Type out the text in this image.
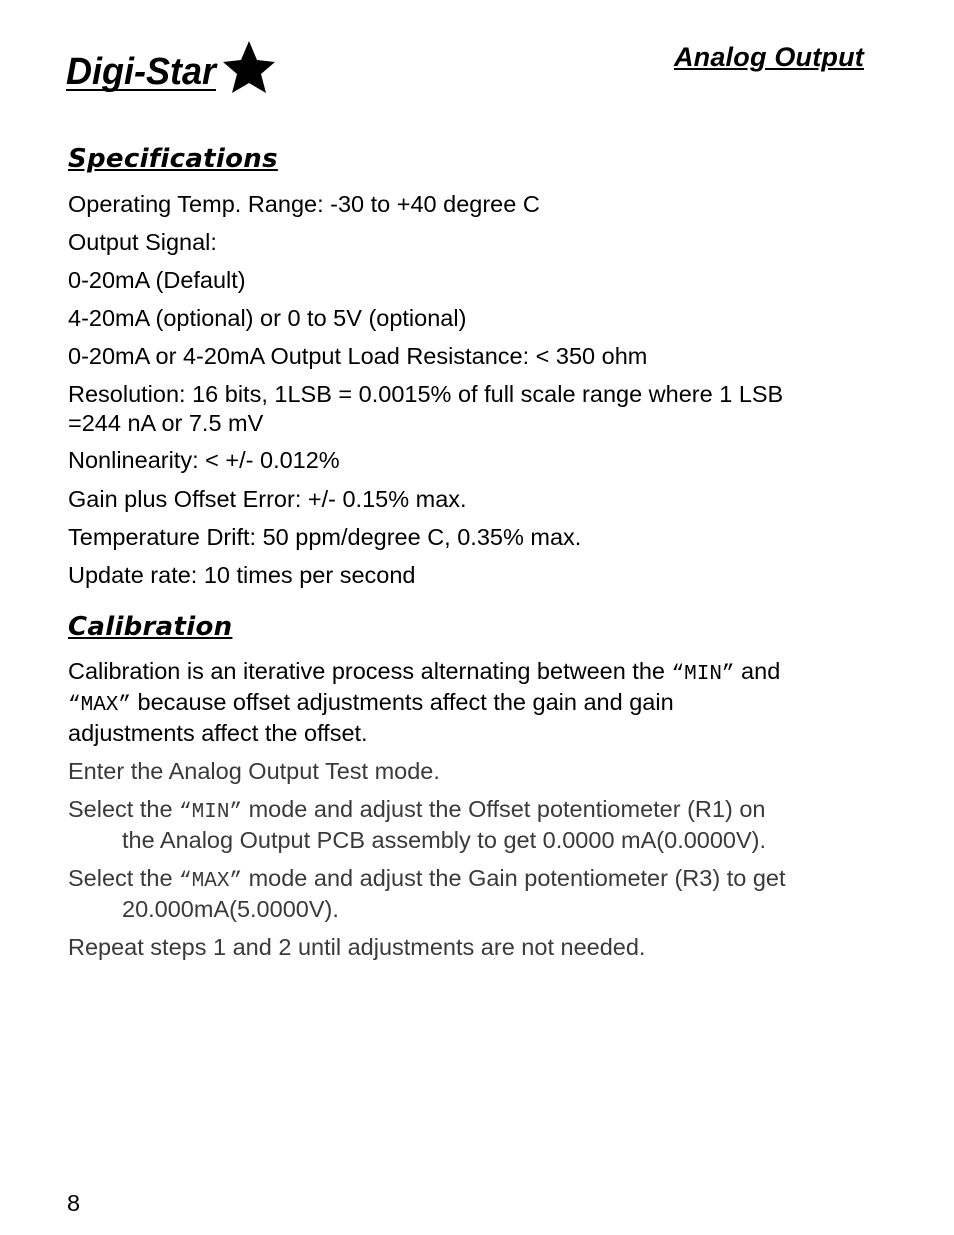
Digi-Star	Analog Output
Specifications
Operating Temp. Range: -30 to +40 degree C
Output Signal:
0-20mA (Default)
4-20mA (optional) or 0 to 5V (optional)
0-20mA or 4-20mA Output Load Resistance: < 350 ohm
Resolution: 16 bits, 1LSB = 0.0015% of full scale range where 1 LSB
=244 nA or 7.5 mV
Nonlinearity: < +/- 0.012%
Gain plus Offset Error: +/- 0.15% max.
Temperature Drift: 50 ppm/degree C, 0.35% max.
Update rate: 10 times per second
Calibration
Calibration is an iterative process alternating between the “MIN” and
“MAX” because offset adjustments affect the gain and gain
adjustments affect the offset.
Enter the Analog Output Test mode.
Select the “MIN” mode and adjust the Offset potentiometer (R1) on
the Analog Output PCB assembly to get 0.0000 mA(0.0000V).
Select the “MAX” mode and adjust the Gain potentiometer (R3) to get
20.000mA(5.0000V).
Repeat steps 1 and 2 until adjustments are not needed.
8
